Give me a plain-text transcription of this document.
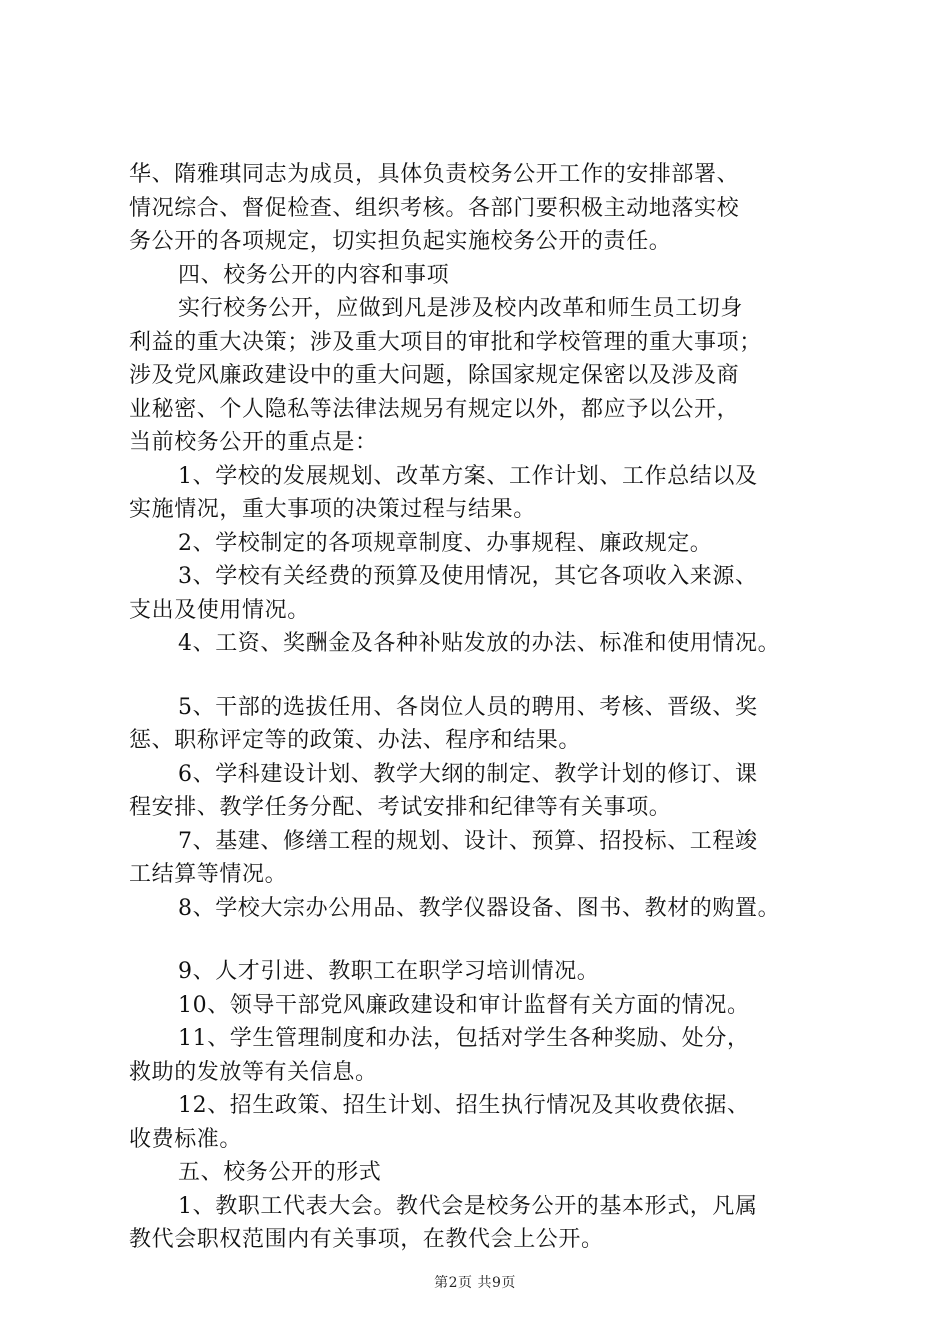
第2页 共9页
华、隋雅琪同志为成员，具体负责校务公开工作的安排部署、
情况综合、督促检查、组织考核。各部门要积极主动地落实校
务公开的各项规定，切实担负起实施校务公开的责任。
四、校务公开的内容和事项
实行校务公开，应做到凡是涉及校内改革和师生员工切身
利益的重大决策；涉及重大项目的审批和学校管理的重大事项；
涉及党风廉政建设中的重大问题，除国家规定保密以及涉及商
业秘密、个人隐私等法律法规另有规定以外，都应予以公开，
当前校务公开的重点是：
1、学校的发展规划、改革方案、工作计划、工作总结以及
实施情况，重大事项的决策过程与结果。
2、学校制定的各项规章制度、办事规程、廉政规定。
3、学校有关经费的预算及使用情况，其它各项收入来源、
支出及使用情况。
4、工资、奖酬金及各种补贴发放的办法、标准和使用情况。
5、干部的选拔任用、各岗位人员的聘用、考核、晋级、奖
惩、职称评定等的政策、办法、程序和结果。
6、学科建设计划、教学大纲的制定、教学计划的修订、课
程安排、教学任务分配、考试安排和纪律等有关事项。
7、基建、修缮工程的规划、设计、预算、招投标、工程竣
工结算等情况。
8、学校大宗办公用品、教学仪器设备、图书、教材的购置。
9、人才引进、教职工在职学习培训情况。
10、领导干部党风廉政建设和审计监督有关方面的情况。
11、学生管理制度和办法，包括对学生各种奖励、处分，
救助的发放等有关信息。
12、招生政策、招生计划、招生执行情况及其收费依据、
收费标准。
五、校务公开的形式
1、教职工代表大会。教代会是校务公开的基本形式，凡属
教代会职权范围内有关事项，在教代会上公开。
